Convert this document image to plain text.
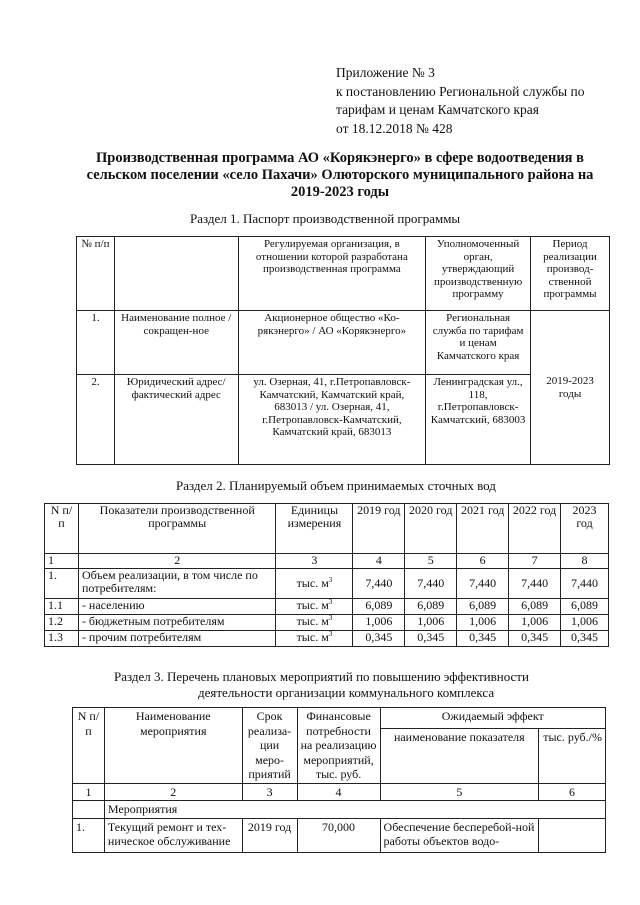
Приложение № 3
к постановлению Региональной службы по
тарифам и ценам Камчатского края
от 18.12.2018 № 428
Производственная программа АО «Корякэнерго» в сфере водоотведения в сельском поселении «село Пахачи» Олюторского муниципального района на 2019-2023 годы
Раздел 1. Паспорт производственной программы
№ п/п		Регулируемая организация, в отношении которой разработана производственная программа	Уполномоченный орган, утверждающий производственную программу	Период реализации производ-ственной программы
1.	Наименование полное / сокращен-ное	Акционерное общество «Ко-рякэнерго» / АО «Корякэнерго»	Региональная служба по тарифам и ценам Камчатского края	2019-2023 годы
2.	Юридический адрес/фактический адрес	ул. Озерная, 41, г.Петропавловск-Камчатский, Камчатский край, 683013 / ул. Озерная, 41, г.Петропавловск-Камчатский, Камчатский край, 683013	Ленинградская ул., 118, г.Петропавловск-Камчатский, 683003	
Раздел 2. Планируемый объем принимаемых сточных вод
N п/п	Показатели производственной программы	Единицы измерения	2019 год	2020 год	2021 год	2022 год	2023 год
1	2	3	4	5	6	7	8
1.	Объем реализации, в том числе по потребителям:	тыс. $м^3$	7,440	7,440	7,440	7,440	7,440
1.1	- населению	тыс. $м^3$	6,089	6,089	6,089	6,089	6,089
1.2	- бюджетным потребителям	тыс. $м^3$	1,006	1,006	1,006	1,006	1,006
1.3	- прочим потребителям	тыс. $м^3$	0,345	0,345	0,345	0,345	0,345
Раздел 3. Перечень плановых мероприятий по повышению эффективности
деятельности организации коммунального комплекса
N п/п	Наименование мероприятия	Срок реализа-ции меро-приятий	Финансовые потребности на реализацию мероприятий, тыс. руб.	Ожидаемый эффект	
				наименование показателя	тыс. руб./%
1	2	3	4	5	6
	Мероприятия				
1.	Текущий ремонт и тех-ническое обслуживание	2019 год	70,000	Обеспечение бесперебой-ной работы объектов водо-	
